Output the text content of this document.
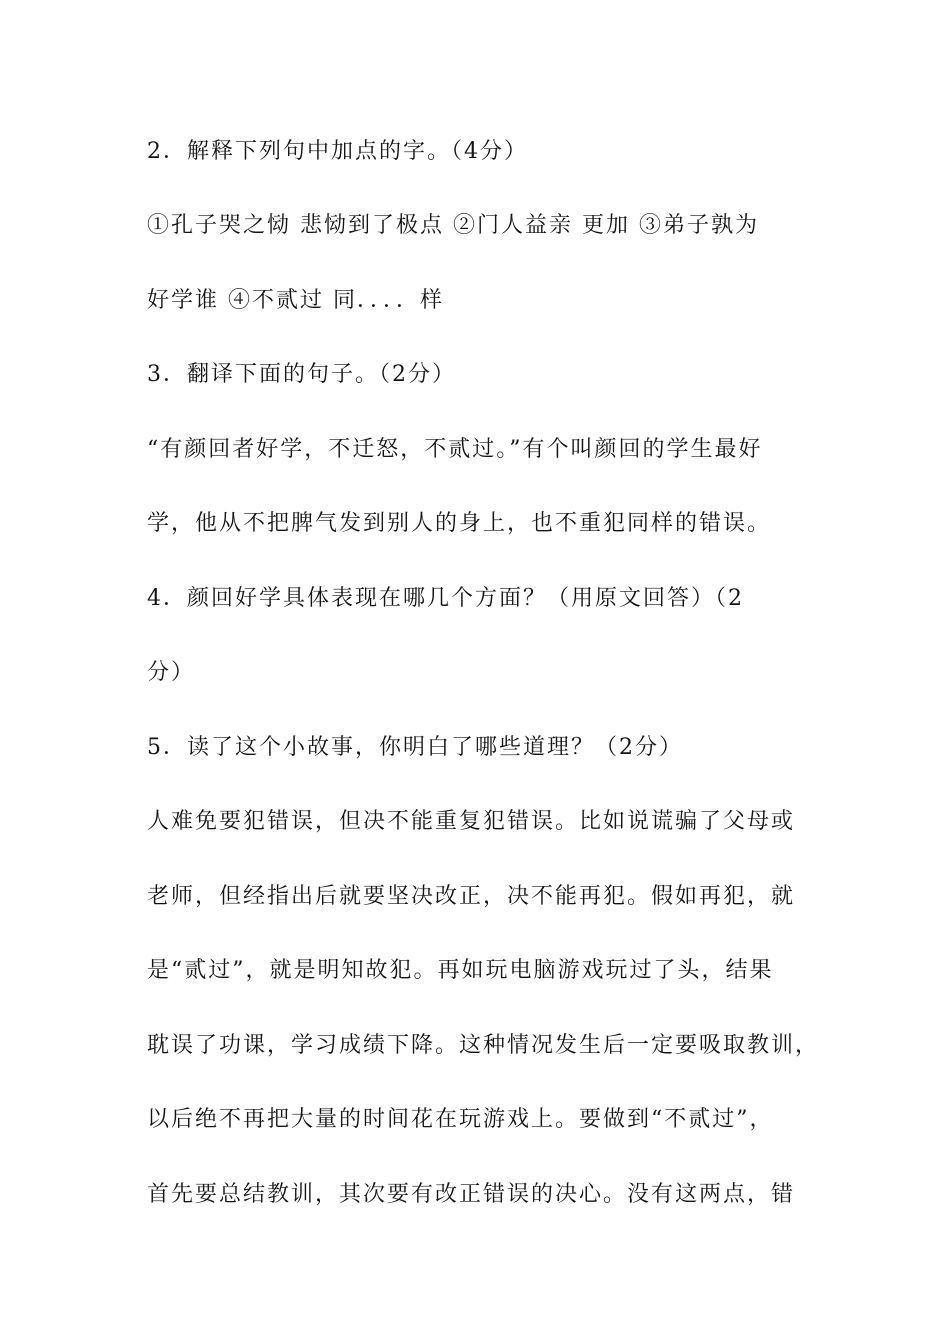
2．解释下列句中加点的字。（4分）
①孔子哭之恸 悲恸到了极点 ②门人益亲 更加 ③弟子孰为
好学谁 ④不贰过 同．．．．样
3．翻译下面的句子。（2分）
“有颜回者好学，不迁怒，不贰过。”有个叫颜回的学生最好
学，他从不把脾气发到别人的身上，也不重犯同样的错误。
4．颜回好学具体表现在哪几个方面？（用原文回答）（2
分）
5．读了这个小故事，你明白了哪些道理？（2分）
人难免要犯错误，但决不能重复犯错误。比如说谎骗了父母或
老师，但经指出后就要坚决改正，决不能再犯。假如再犯，就
是“贰过”，就是明知故犯。再如玩电脑游戏玩过了头，结果
耽误了功课，学习成绩下降。这种情况发生后一定要吸取教训，
以后绝不再把大量的时间花在玩游戏上。要做到“不贰过”，
首先要总结教训，其次要有改正错误的决心。没有这两点，错
